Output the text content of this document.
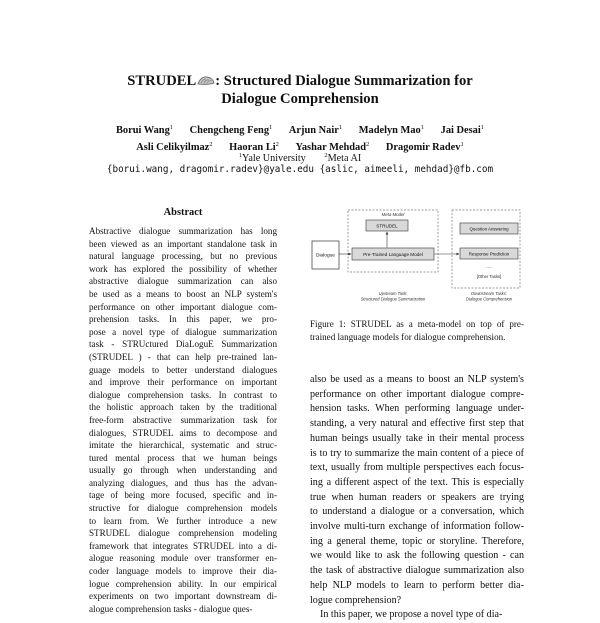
STRUDEL : Structured Dialogue Summarization for
Dialogue Comprehension
Borui Wang$^1$ Chengcheng Feng$^1$ Arjun Nair$^1$ Madelyn Mao$^1$ Jai Desai$^1$
Asli Celikyilmaz$^2$ Haoran Li$^2$ Yashar Mehdad$^2$ Dragomir Radev$^1$
$^1$Yale University	$^2$Meta AI
{borui.wang, dragomir.radev}@yale.edu {aslic, aimeeli, mehdad}@fb.com
Abstract
Abstractive dialogue summarization has long
been viewed as an important standalone task in
natural language processing, but no previous
work has explored the possibility of whether
abstractive dialogue summarization can also
be used as a means to boost an NLP system's
performance on other important dialogue com-
prehension tasks. In this paper, we pro-
pose a novel type of dialogue summarization
task - STRUctured DiaLoguE Summarization
(STRUDEL ) - that can help pre-trained lan-
guage models to better understand dialogues
and improve their performance on important
dialogue comprehension tasks. In contrast to
the holistic approach taken by the traditional
free-form abstractive summarization task for
dialogues, STRUDEL aims to decompose and
imitate the hierarchical, systematic and struc-
tured mental process that we human beings
usually go through when understanding and
analyzing dialogues, and thus has the advan-
tage of being more focused, specific and in-
structive for dialogue comprehension models
to learn from. We further introduce a new
STRUDEL dialogue comprehension modeling
framework that integrates STRUDEL into a di-
alogue reasoning module over transformer en-
coder language models to improve their dia-
logue comprehension ability. In our empirical
experiments on two important downstream di-
alogue comprehension tasks - dialogue ques-
Meta-Model
STRUDEL
Pre-Trained Language Model
Dialogue
Upstream Task:
Structured Dialogue Summarization
Question Answering
Response Prediction
......
[Other Tasks]
Downstream Tasks:
Dialogue Comprehension
Figure 1: STRUDEL as a meta-model on top of pre-
trained language models for dialogue comprehension.
also be used as a means to boost an NLP system's
performance on other important dialogue compre-
hension tasks. When performing language under-
standing, a very natural and effective first step that
human beings usually take in their mental process
is to try to summarize the main content of a piece of
text, usually from multiple perspectives each focus-
ing a different aspect of the text. This is especially
true when human readers or speakers are trying
to understand a dialogue or a conversation, which
involve multi-turn exchange of information follow-
ing a general theme, topic or storyline. Therefore,
we would like to ask the following question - can
the task of abstractive dialogue summarization also
help NLP models to learn to perform better dia-
logue comprehension?
In this paper, we propose a novel type of dia-
